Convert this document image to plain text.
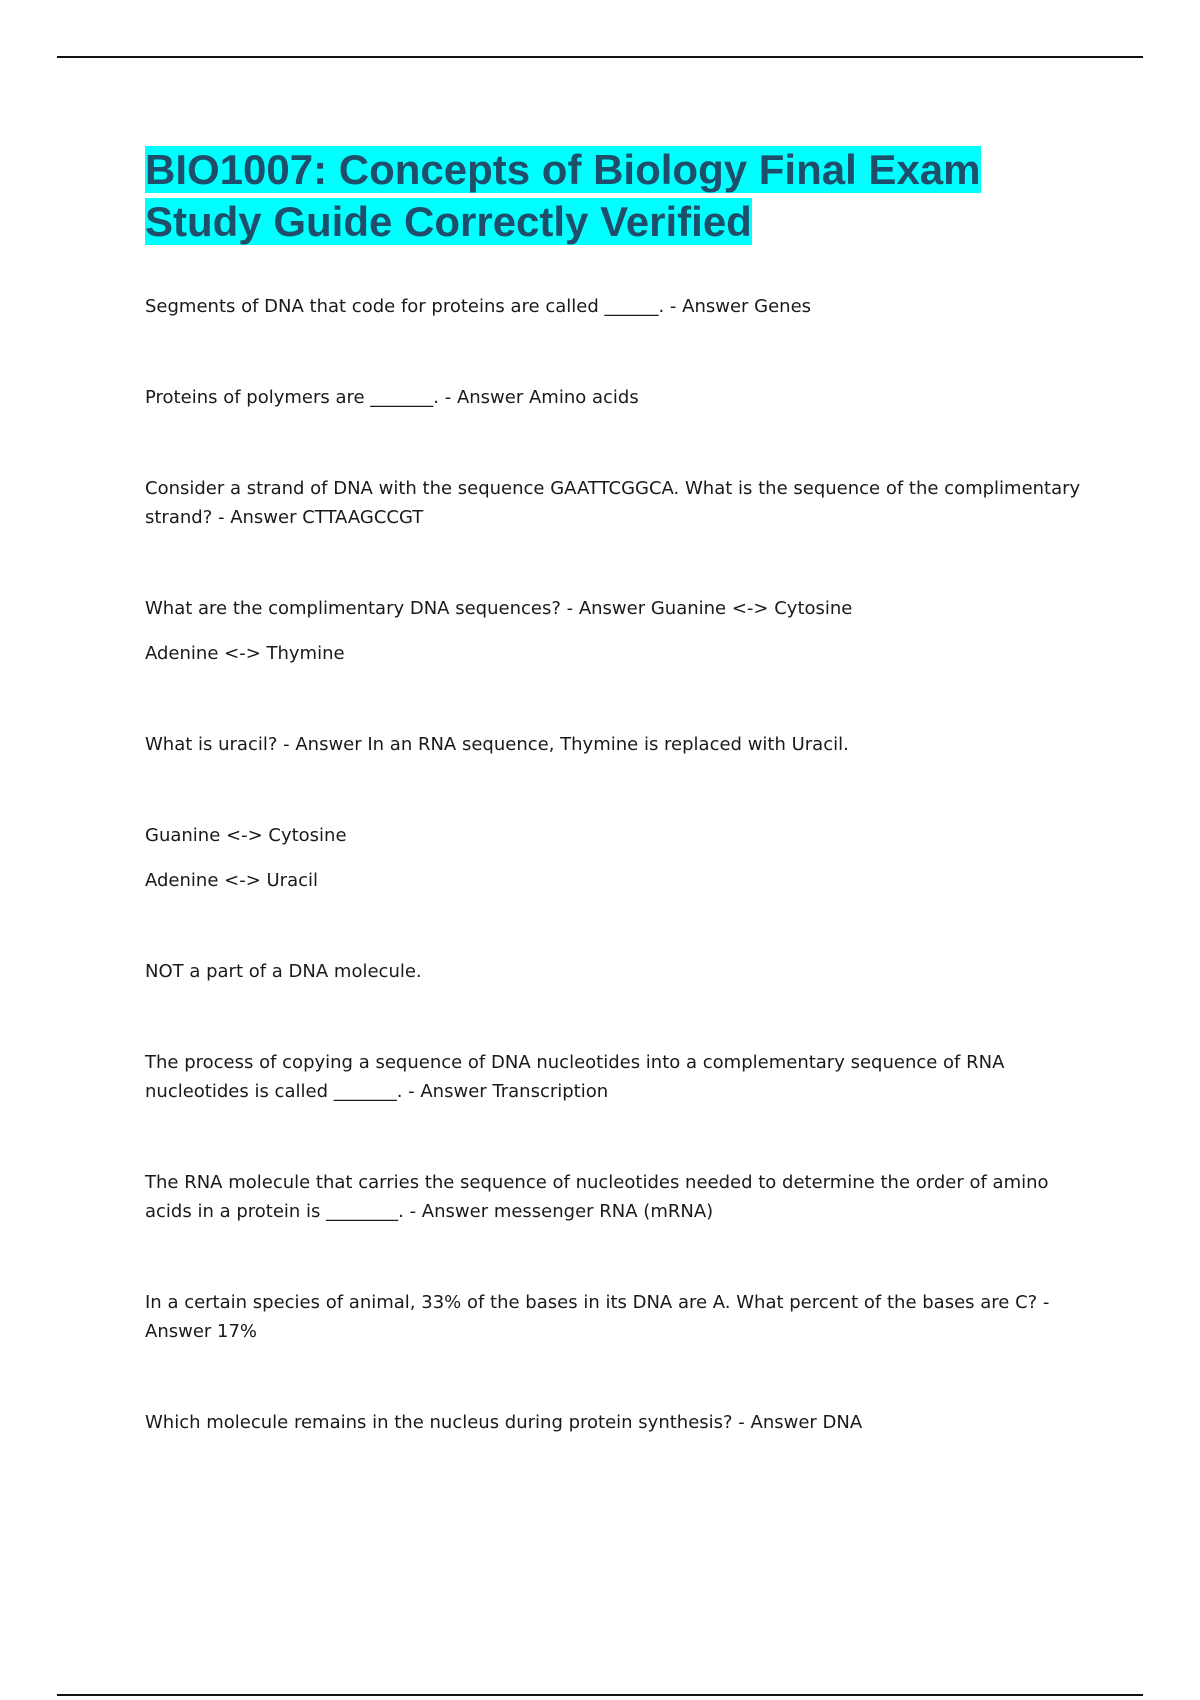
BIO1007: Concepts of Biology Final Exam
Study Guide Correctly Verified

Segments of DNA that code for proteins are called ______. - Answer Genes

Proteins of polymers are _______. - Answer Amino acids

Consider a strand of DNA with the sequence GAATTCGGCA. What is the sequence of the complimentary strand? - Answer CTTAAGCCGT

What are the complimentary DNA sequences? - Answer Guanine <-> Cytosine

Adenine <-> Thymine

What is uracil? - Answer In an RNA sequence, Thymine is replaced with Uracil.

Guanine <-> Cytosine

Adenine <-> Uracil

NOT a part of a DNA molecule.

The process of copying a sequence of DNA nucleotides into a complementary sequence of RNA nucleotides is called _______. - Answer Transcription

The RNA molecule that carries the sequence of nucleotides needed to determine the order of amino acids in a protein is ________. - Answer messenger RNA (mRNA)

In a certain species of animal, 33% of the bases in its DNA are A. What percent of the bases are C? - Answer 17%

Which molecule remains in the nucleus during protein synthesis? - Answer DNA
